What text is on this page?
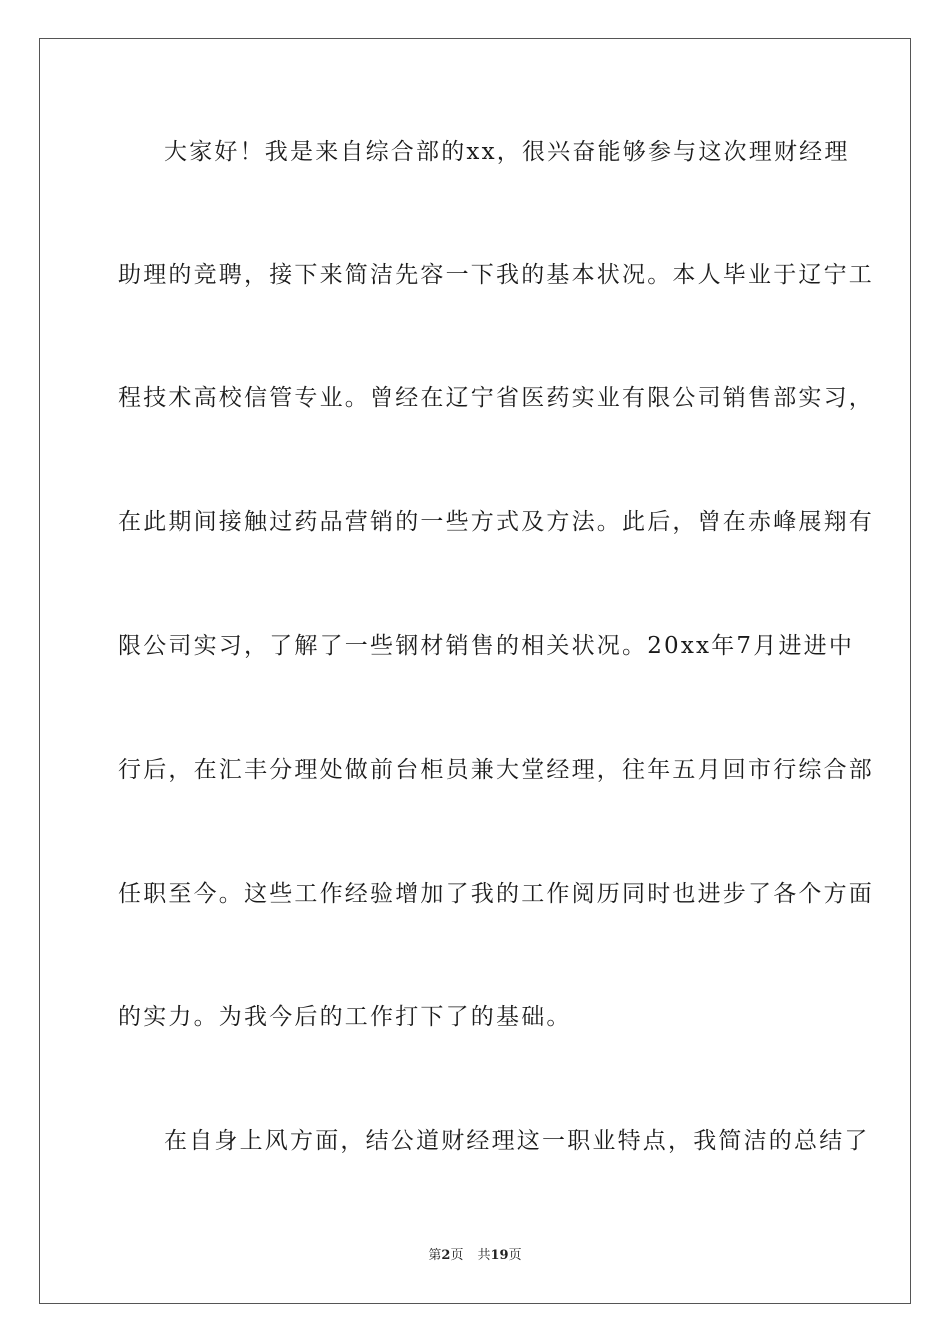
大家好！我是来自综合部的xx，很兴奋能够参与这次理财经理
助理的竞聘，接下来简洁先容一下我的基本状况。本人毕业于辽宁工
程技术高校信管专业。曾经在辽宁省医药实业有限公司销售部实习，
在此期间接触过药品营销的一些方式及方法。此后，曾在赤峰展翔有
限公司实习，了解了一些钢材销售的相关状况。20xx年7月进进中
行后，在汇丰分理处做前台柜员兼大堂经理，往年五月回市行综合部
任职至今。这些工作经验增加了我的工作阅历同时也进步了各个方面
的实力。为我今后的工作打下了的基础。
在自身上风方面，结公道财经理这一职业特点，我简洁的总结了
第2页 共19页
